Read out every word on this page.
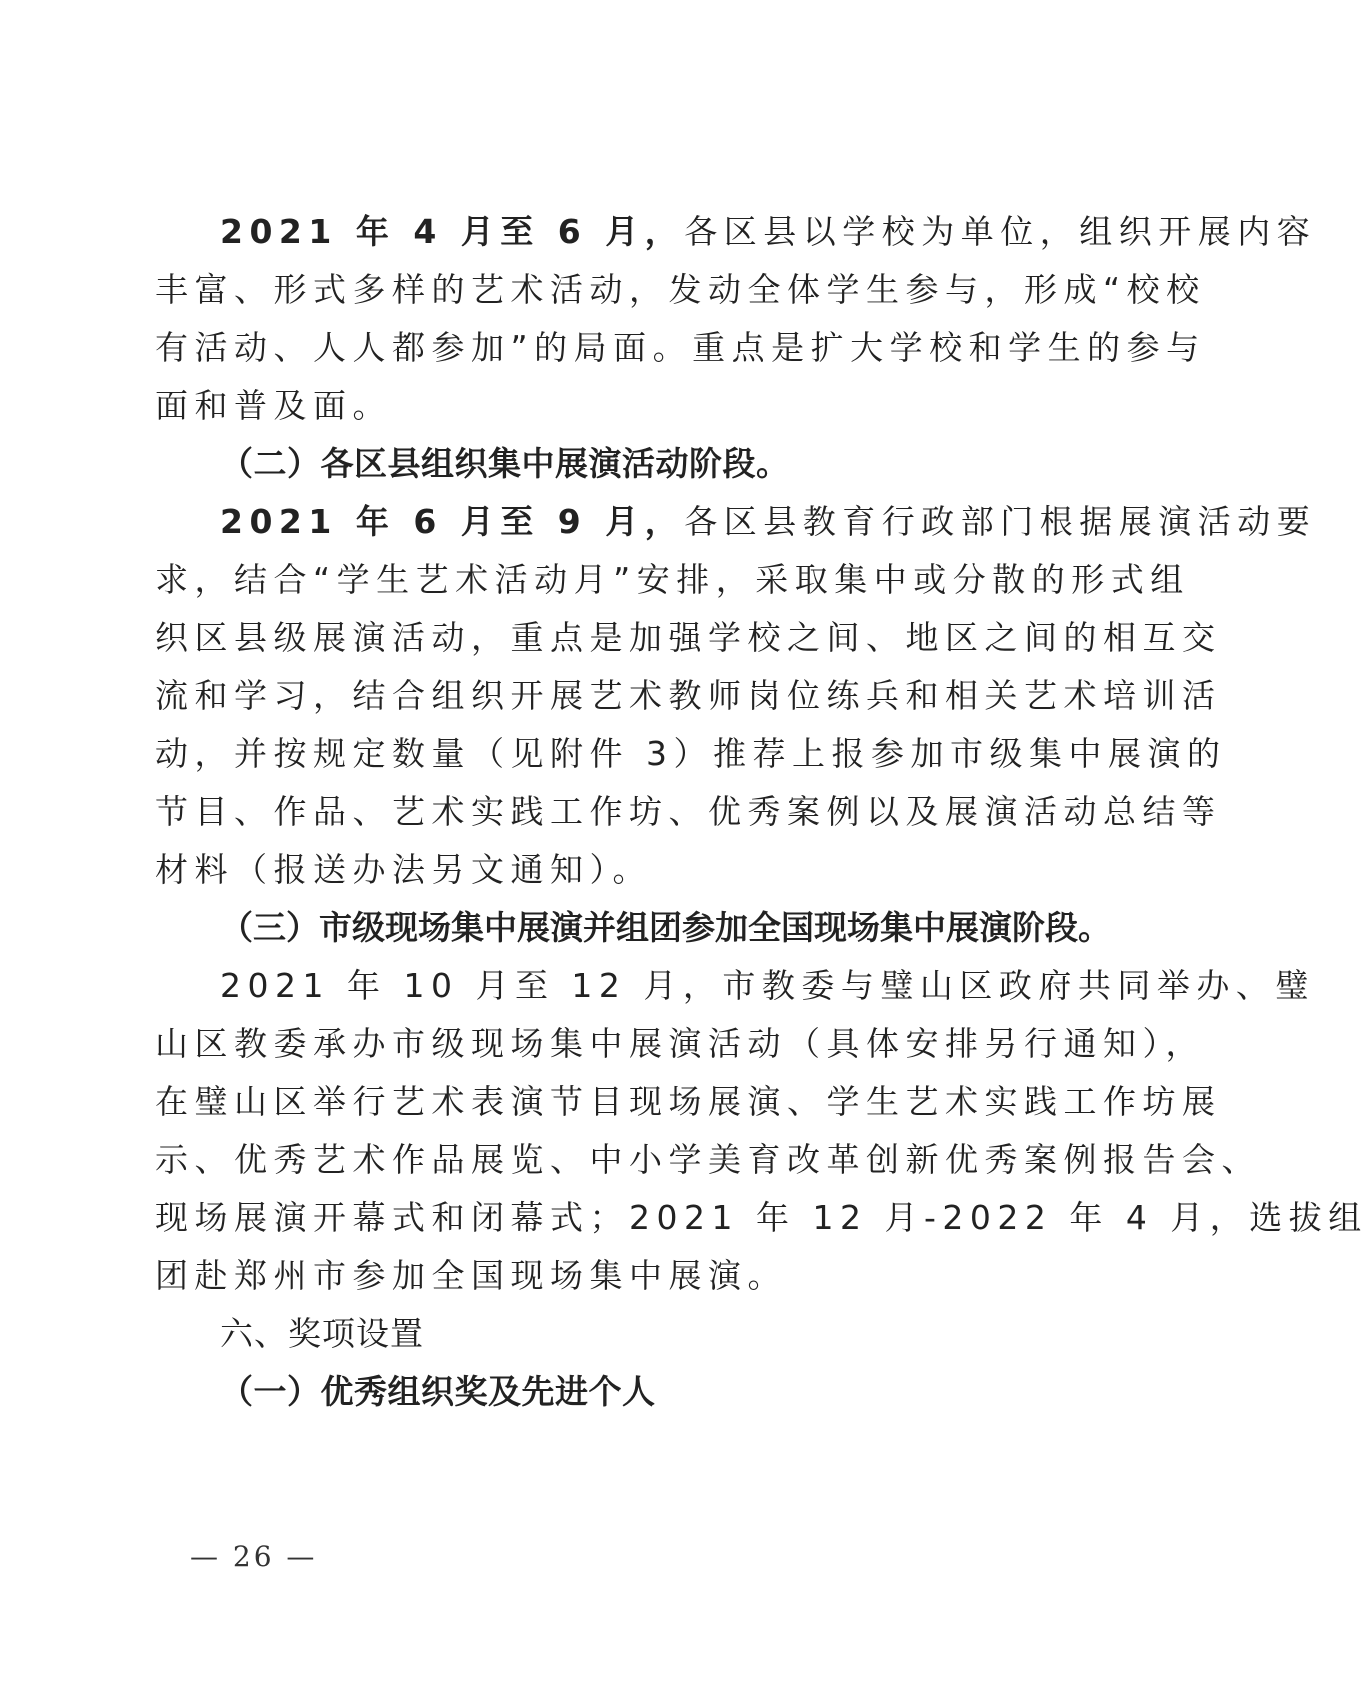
2021 年 4 月至 6 月，各区县以学校为单位，组织开展内容
丰富、形式多样的艺术活动，发动全体学生参与，形成“校校
有活动、人人都参加”的局面。重点是扩大学校和学生的参与
面和普及面。
（二）各区县组织集中展演活动阶段。
2021 年 6 月至 9 月，各区县教育行政部门根据展演活动要
求，结合“学生艺术活动月”安排，采取集中或分散的形式组
织区县级展演活动，重点是加强学校之间、地区之间的相互交
流和学习，结合组织开展艺术教师岗位练兵和相关艺术培训活
动，并按规定数量（见附件 3）推荐上报参加市级集中展演的
节目、作品、艺术实践工作坊、优秀案例以及展演活动总结等
材料（报送办法另文通知）。
（三）市级现场集中展演并组团参加全国现场集中展演阶段。
2021 年 10 月至 12 月，市教委与璧山区政府共同举办、璧
山区教委承办市级现场集中展演活动（具体安排另行通知），
在璧山区举行艺术表演节目现场展演、学生艺术实践工作坊展
示、优秀艺术作品展览、中小学美育改革创新优秀案例报告会、
现场展演开幕式和闭幕式；2021 年 12 月-2022 年 4 月，选拔组
团赴郑州市参加全国现场集中展演。
六、奖项设置
（一）优秀组织奖及先进个人
— 26 —
